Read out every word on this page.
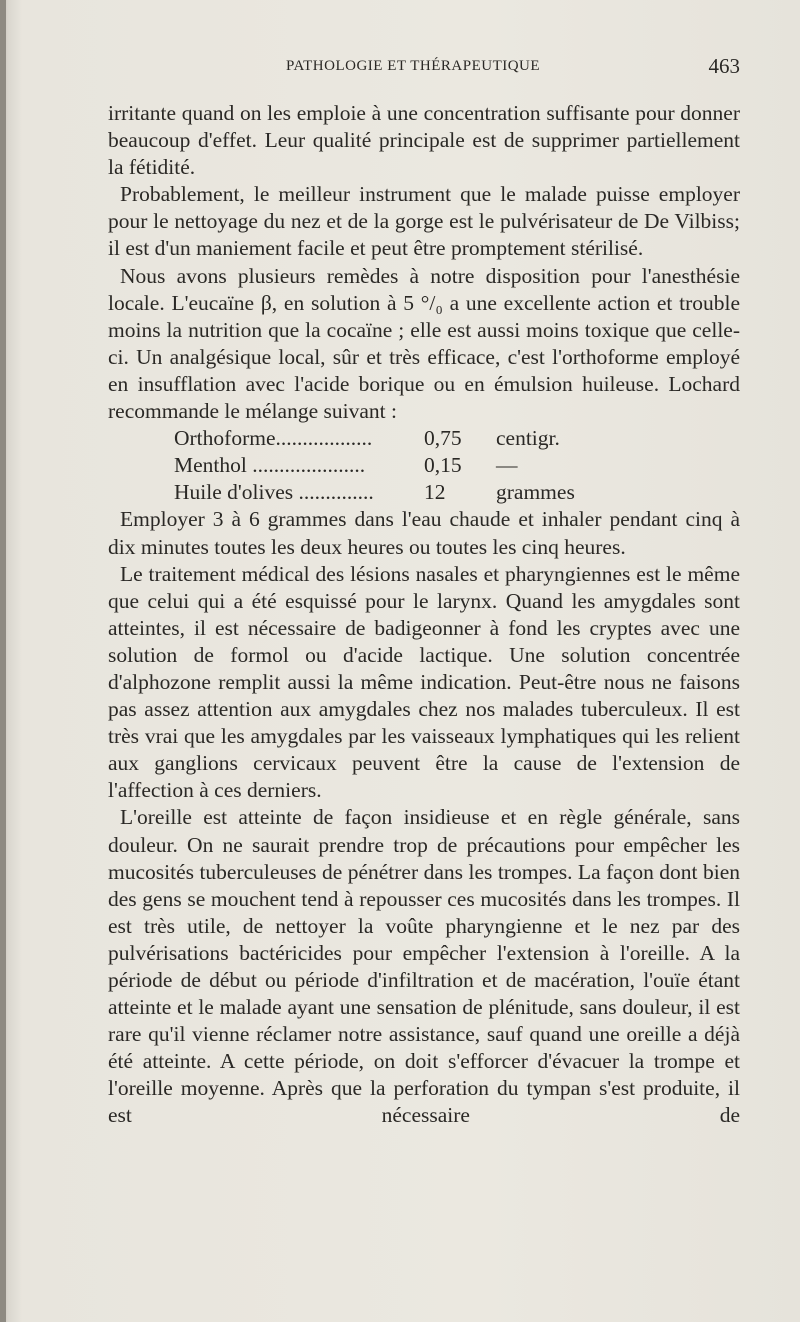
PATHOLOGIE ET THÉRAPEUTIQUE	463

irritante quand on les emploie à une concentration suffisante pour donner beaucoup d'effet. Leur qualité principale est de supprimer partiellement la fétidité.

Probablement, le meilleur instrument que le malade puisse employer pour le nettoyage du nez et de la gorge est le pulvérisateur de De Vilbiss; il est d'un maniement facile et peut être promptement stérilisé.

Nous avons plusieurs remèdes à notre disposition pour l'anesthésie locale. L'eucaïne β, en solution à 5 °/₀ a une excellente action et trouble moins la nutrition que la cocaïne ; elle est aussi moins toxique que celle-ci. Un analgésique local, sûr et très efficace, c'est l'orthoforme employé en insufflation avec l'acide borique ou en émulsion huileuse. Lochard recommande le mélange suivant :

Orthoforme..................	0,75	centigr.
Menthol .....................	0,15	—
Huile d'olives ..............	12	grammes

Employer 3 à 6 grammes dans l'eau chaude et inhaler pendant cinq à dix minutes toutes les deux heures ou toutes les cinq heures.

Le traitement médical des lésions nasales et pharyngiennes est le même que celui qui a été esquissé pour le larynx. Quand les amygdales sont atteintes, il est nécessaire de badigeonner à fond les cryptes avec une solution de formol ou d'acide lactique. Une solution concentrée d'alphozone remplit aussi la même indication. Peut-être nous ne faisons pas assez attention aux amygdales chez nos malades tuberculeux. Il est très vrai que les amygdales par les vaisseaux lymphatiques qui les relient aux ganglions cervicaux peuvent être la cause de l'extension de l'affection à ces derniers.

L'oreille est atteinte de façon insidieuse et en règle générale, sans douleur. On ne saurait prendre trop de précautions pour empêcher les mucosités tuberculeuses de pénétrer dans les trompes. La façon dont bien des gens se mouchent tend à repousser ces mucosités dans les trompes. Il est très utile, de nettoyer la voûte pharyngienne et le nez par des pulvérisations bactéricides pour empêcher l'extension à l'oreille. A la période de début ou période d'infiltration et de macération, l'ouïe étant atteinte et le malade ayant une sensation de plénitude, sans douleur, il est rare qu'il vienne réclamer notre assistance, sauf quand une oreille a déjà été atteinte. A cette période, on doit s'efforcer d'évacuer la trompe et l'oreille moyenne. Après que la perforation du tympan s'est produite, il est nécessaire de
